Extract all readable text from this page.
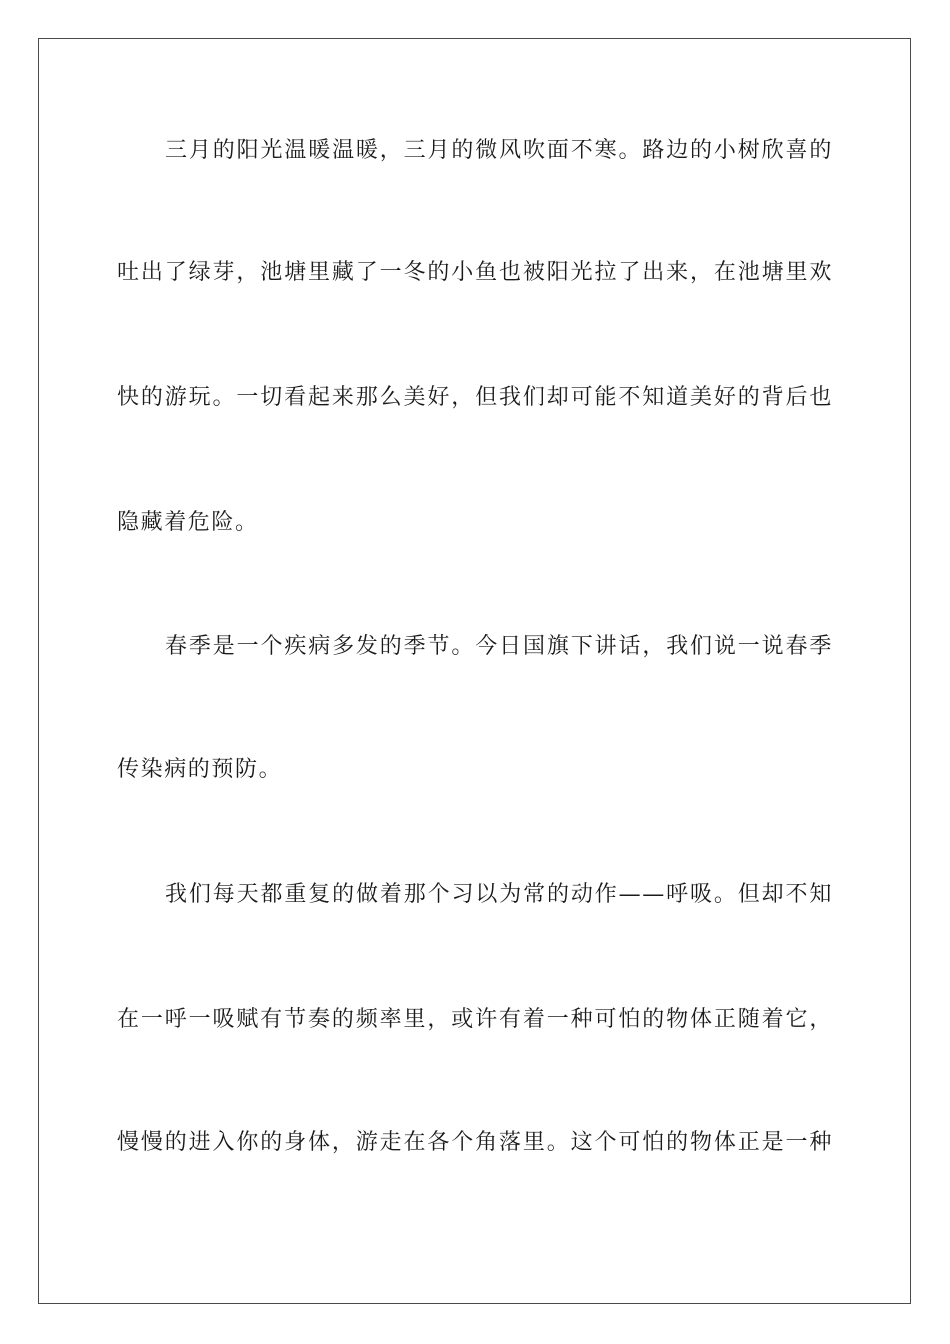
三月的阳光温暖温暖，三月的微风吹面不寒。路边的小树欣喜的
吐出了绿芽，池塘里藏了一冬的小鱼也被阳光拉了出来，在池塘里欢
快的游玩。一切看起来那么美好，但我们却可能不知道美好的背后也
隐藏着危险。
春季是一个疾病多发的季节。今日国旗下讲话，我们说一说春季
传染病的预防。
我们每天都重复的做着那个习以为常的动作——呼吸。但却不知
在一呼一吸赋有节奏的频率里，或许有着一种可怕的物体正随着它，
慢慢的进入你的身体，游走在各个角落里。这个可怕的物体正是一种
